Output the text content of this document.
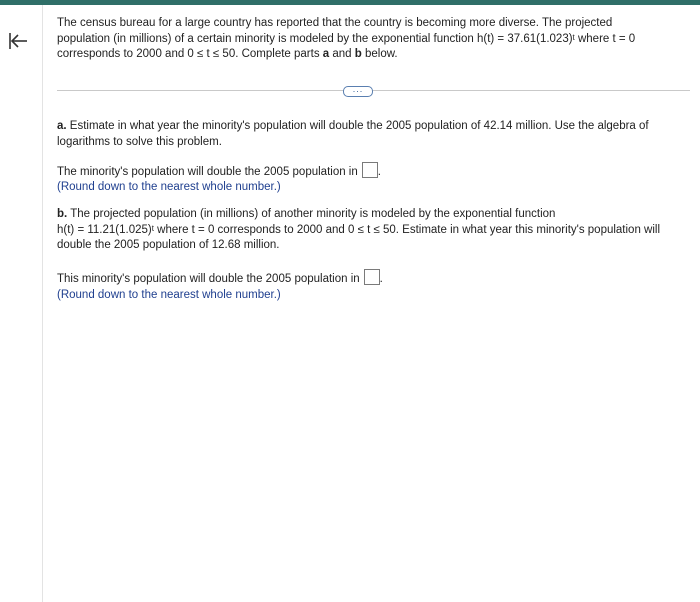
The census bureau for a large country has reported that the country is becoming more diverse. The projected
population (in millions) of a certain minority is modeled by the exponential function $h(t) = 37.61(1.023)^t$ where t = 0
corresponds to 2000 and 0 ≤ t ≤ 50. Complete parts a and b below.

a. Estimate in what year the minority's population will double the 2005 population of 42.14 million. Use the algebra of logarithms to solve this problem.

The minority's population will double the 2005 population in .

(Round down to the nearest whole number.)

b. The projected population (in millions) of another minority is modeled by the exponential function
$h(t) = 11.21(1.025)^t$ where t = 0 corresponds to 2000 and 0 ≤ t ≤ 50. Estimate in what year this minority's population will double the 2005 population of 12.68 million.

This minority's population will double the 2005 population in .

(Round down to the nearest whole number.)

...
